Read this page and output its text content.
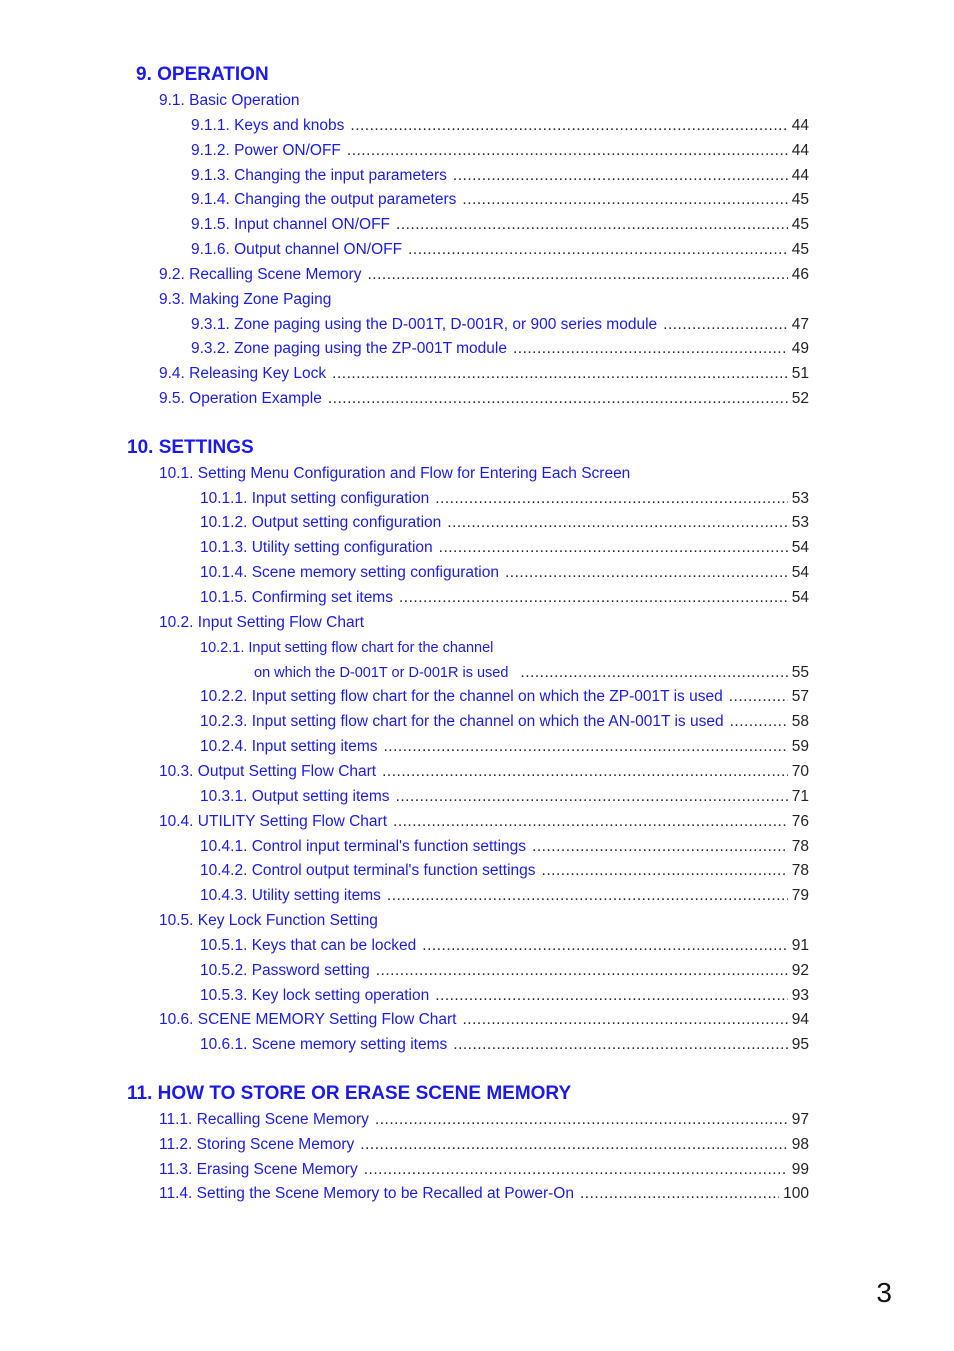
9. OPERATION
9.1. Basic Operation
9.1.1. Keys and knobs .....	44
9.1.2. Power ON/OFF .....	44
9.1.3. Changing the input parameters .....	44
9.1.4. Changing the output parameters .....	45
9.1.5. Input channel ON/OFF .....	45
9.1.6. Output channel ON/OFF .....	45
9.2. Recalling Scene Memory .....	46
9.3. Making Zone Paging
9.3.1. Zone paging using the D-001T, D-001R, or 900 series module .....	47
9.3.2. Zone paging using the ZP-001T module .....	49
9.4. Releasing Key Lock .....	51
9.5. Operation Example .....	52
10. SETTINGS
10.1. Setting Menu Configuration and Flow for Entering Each Screen
10.1.1. Input setting configuration .....	53
10.1.2. Output setting configuration .....	53
10.1.3. Utility setting configuration .....	54
10.1.4. Scene memory setting configuration .....	54
10.1.5. Confirming set items .....	54
10.2. Input Setting Flow Chart
10.2.1. Input setting flow chart for the channel
on which the D-001T or D-001R is used .....	55
10.2.2. Input setting flow chart for the channel on which the ZP-001T is used .....	57
10.2.3. Input setting flow chart for the channel on which the AN-001T is used .....	58
10.2.4. Input setting items .....	59
10.3. Output Setting Flow Chart .....	70
10.3.1. Output setting items .....	71
10.4. UTILITY Setting Flow Chart .....	76
10.4.1. Control input terminal's function settings .....	78
10.4.2. Control output terminal's function settings .....	78
10.4.3. Utility setting items .....	79
10.5. Key Lock Function Setting
10.5.1. Keys that can be locked .....	91
10.5.2. Password setting .....	92
10.5.3. Key lock setting operation .....	93
10.6. SCENE MEMORY Setting Flow Chart .....	94
10.6.1. Scene memory setting items .....	95
11. HOW TO STORE OR ERASE SCENE MEMORY
11.1. Recalling Scene Memory .....	97
11.2. Storing Scene Memory .....	98
11.3. Erasing Scene Memory .....	99
11.4. Setting the Scene Memory to be Recalled at Power-On .....	100
3
